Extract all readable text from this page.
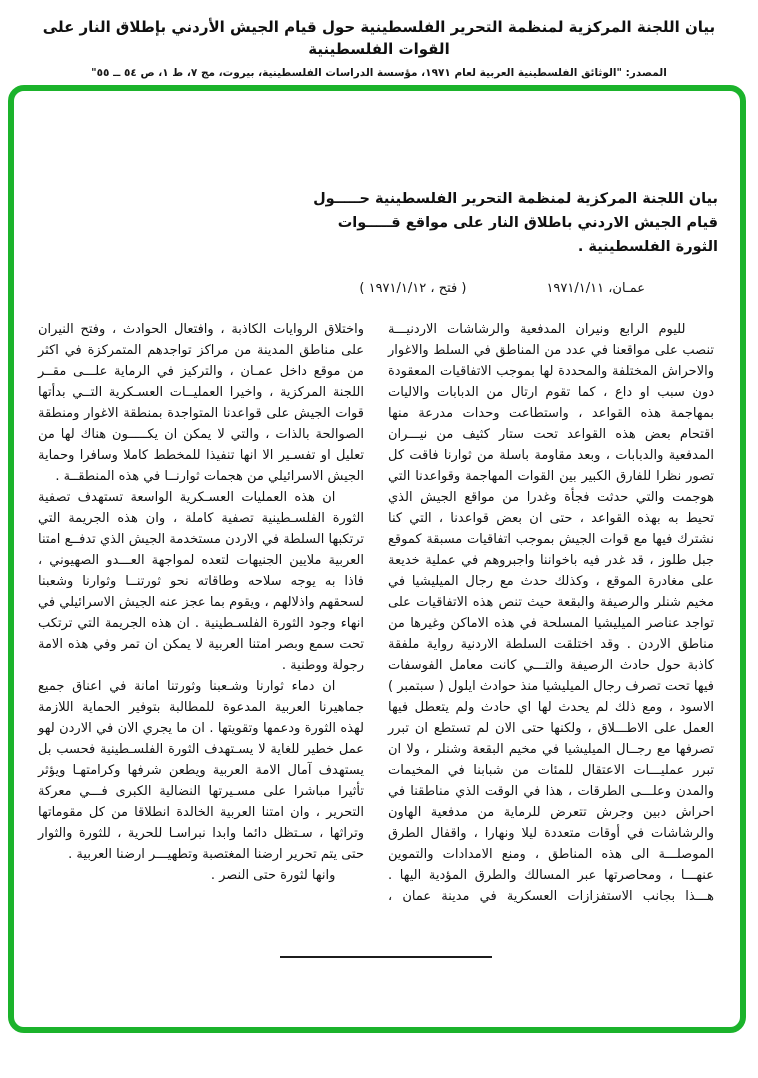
بيان اللجنة المركزية لمنظمة التحرير الفلسطينية حول قيام الجيش الأردني بإطلاق النار على القوات الفلسطينية
المصدر: "الوثائق الفلسطينية العربية لعام ١٩٧١، مؤسسة الدراسات الفلسطينية، بيروت، مج ٧، ط ١، ص ٥٤ ــ ٥٥"
بيان اللجنة المركزية لمنظمة التحرير الفلسطينية حـــــول
قيام الجيش الاردني باطلاق النار على مواقع قـــــوات
الثورة الفلسطينية .
عمـان، ١٩٧١/١/١١
( فتح ، ١٩٧١/١/١٢ )

لليوم الرابع ونيران المدفعية والرشاشات الاردنيـــة تنصب على مواقعنا في عدد من المناطق في السلط والاغوار والاحراش المختلفة والمحددة لها بموجب الاتفاقيات المعقودة دون سبب او داع ، كما تقوم ارتال من الدبابات والاليات بمهاجمة هذه القواعد ، واستطاعت وحدات مدرعة منها اقتحام بعض هذه القواعد تحت ستار كثيف من نيـــران المدفعية والدبابات ، وبعد مقاومة باسلة من ثوارنا فاقت كل تصور نظرا للفارق الكبير بين القوات المهاجمة وقواعدنا التي هوجمت والتي حدثت فجأة وغدرا من مواقع الجيش الذي تحيط به بهذه القواعد ، حتى ان بعض قواعدنا ، التي كنا نشترك فيها مع قوات الجيش بموجب اتفاقيات مسبقة كموقع جبل طلوز ، قد غدر فيه باخواننا واجبروهم في عملية خديعة على مغادرة الموقع ، وكذلك حدث مع رجال الميليشيا في مخيم شنلر والرصيفة والبقعة حيث تنص هذه الاتفاقيات على تواجد عناصر الميليشيا المسلحة في هذه الاماكن وغيرها من مناطق الاردن . وقد اختلقت السلطة الاردنية رواية ملفقة كاذبة حول حادث الرصيفة والتـــي كانت معامل الفوسفات فيها تحت تصرف رجال الميليشيا منذ حوادث ايلول ( سبتمبر ) الاسود ، ومع ذلك لم يحدث لها اي حادث ولم يتعطل فيها العمل على الاطـــلاق ، ولكنها حتى الان لم تستطع ان تبرر تصرفها مع رجــال الميليشيا في مخيم البقعة وشنلر ، ولا ان تبرر عمليـــات الاعتقال للمئات من شبابنا في المخيمات والمدن وعلـــى الطرقات ، هذا في الوقت الذي مناطقنا في احراش دبين وجرش تتعرض للرماية من مدفعية الهاون والرشاشات في أوقات متعددة ليلا ونهارا ، واقفال الطرق الموصلـــة الى هذه المناطق ، ومنع الامدادات والتموين عنهـــا ، ومحاصرتها عبر المسالك والطرق المؤدية اليها . هـــذا بجانب الاستفزازات العسكرية في مدينة عمان ، واختلاق الروايات الكاذبة ، وافتعال الحوادث ، وفتح النيران على مناطق المدينة من مراكز تواجدهم المتمركزة في اكثر من موقع داخل عمـان ، والتركيز في الرماية علـــى مقــر اللجنة المركزية ، واخيرا العمليــات العسـكرية التــي بدأتها قوات الجيش على قواعدنا المتواجدة بمنطقة الاغوار ومنطقة الصوالحة بالذات ، والتي لا يمكن ان يكـــــون هناك لها من تعليل او تفسـير الا انها تنفيذا للمخطط كاملا وسافرا وحماية الجيش الاسرائيلي من هجمات ثوارنــا في هذه المنطقــة .

ان هذه العمليات العسـكرية الواسعة تستهدف تصفية الثورة الفلسـطينية تصفية كاملة ، وان هذه الجريمة التي ترتكبها السلطة في الاردن مستخدمة الجيش الذي تدفــع امتنا العربية ملايين الجنيهات لتعده لمواجهة العـــدو الصهيوني ، فاذا به يوجه سلاحه وطاقاته نحو ثورتنــا وثوارنا وشعبنا لسحقهم واذلالهم ، ويقوم بما عجز عنه الجيش الاسرائيلي في انهاء وجود الثورة الفلسـطينية . ان هذه الجريمة التي ترتكب تحت سمع وبصر امتنا العربية لا يمكن ان تمر وفي هذه الامة رجولة ووطنية .

ان دماء ثوارنا وشـعبنا وثورتنا امانة في اعناق جميع جماهيرنا العربية المدعوة للمطالبة بتوفير الحماية اللازمة لهذه الثورة ودعمها وتقويتها . ان ما يجري الان في الاردن لهو عمل خطير للغاية لا يسـتهدف الثورة الفلسـطينية فحسب بل يستهدف آمال الامة العربية ويطعن شرفها وكرامتهـا ويؤثر تأثيرا مباشرا على مسـيرتها النضالية الكبرى فـــي معركة التحرير ، وان امتنا العربية الخالدة انطلاقا من كل مقوماتها وتراثها ، سـتظل دائما وابدا نبراسـا للحرية ، للثورة والثوار حتى يتم تحرير ارضنا المغتصبة وتطهيـــر ارضنا العربية .

وانها لثورة حتى النصر .
